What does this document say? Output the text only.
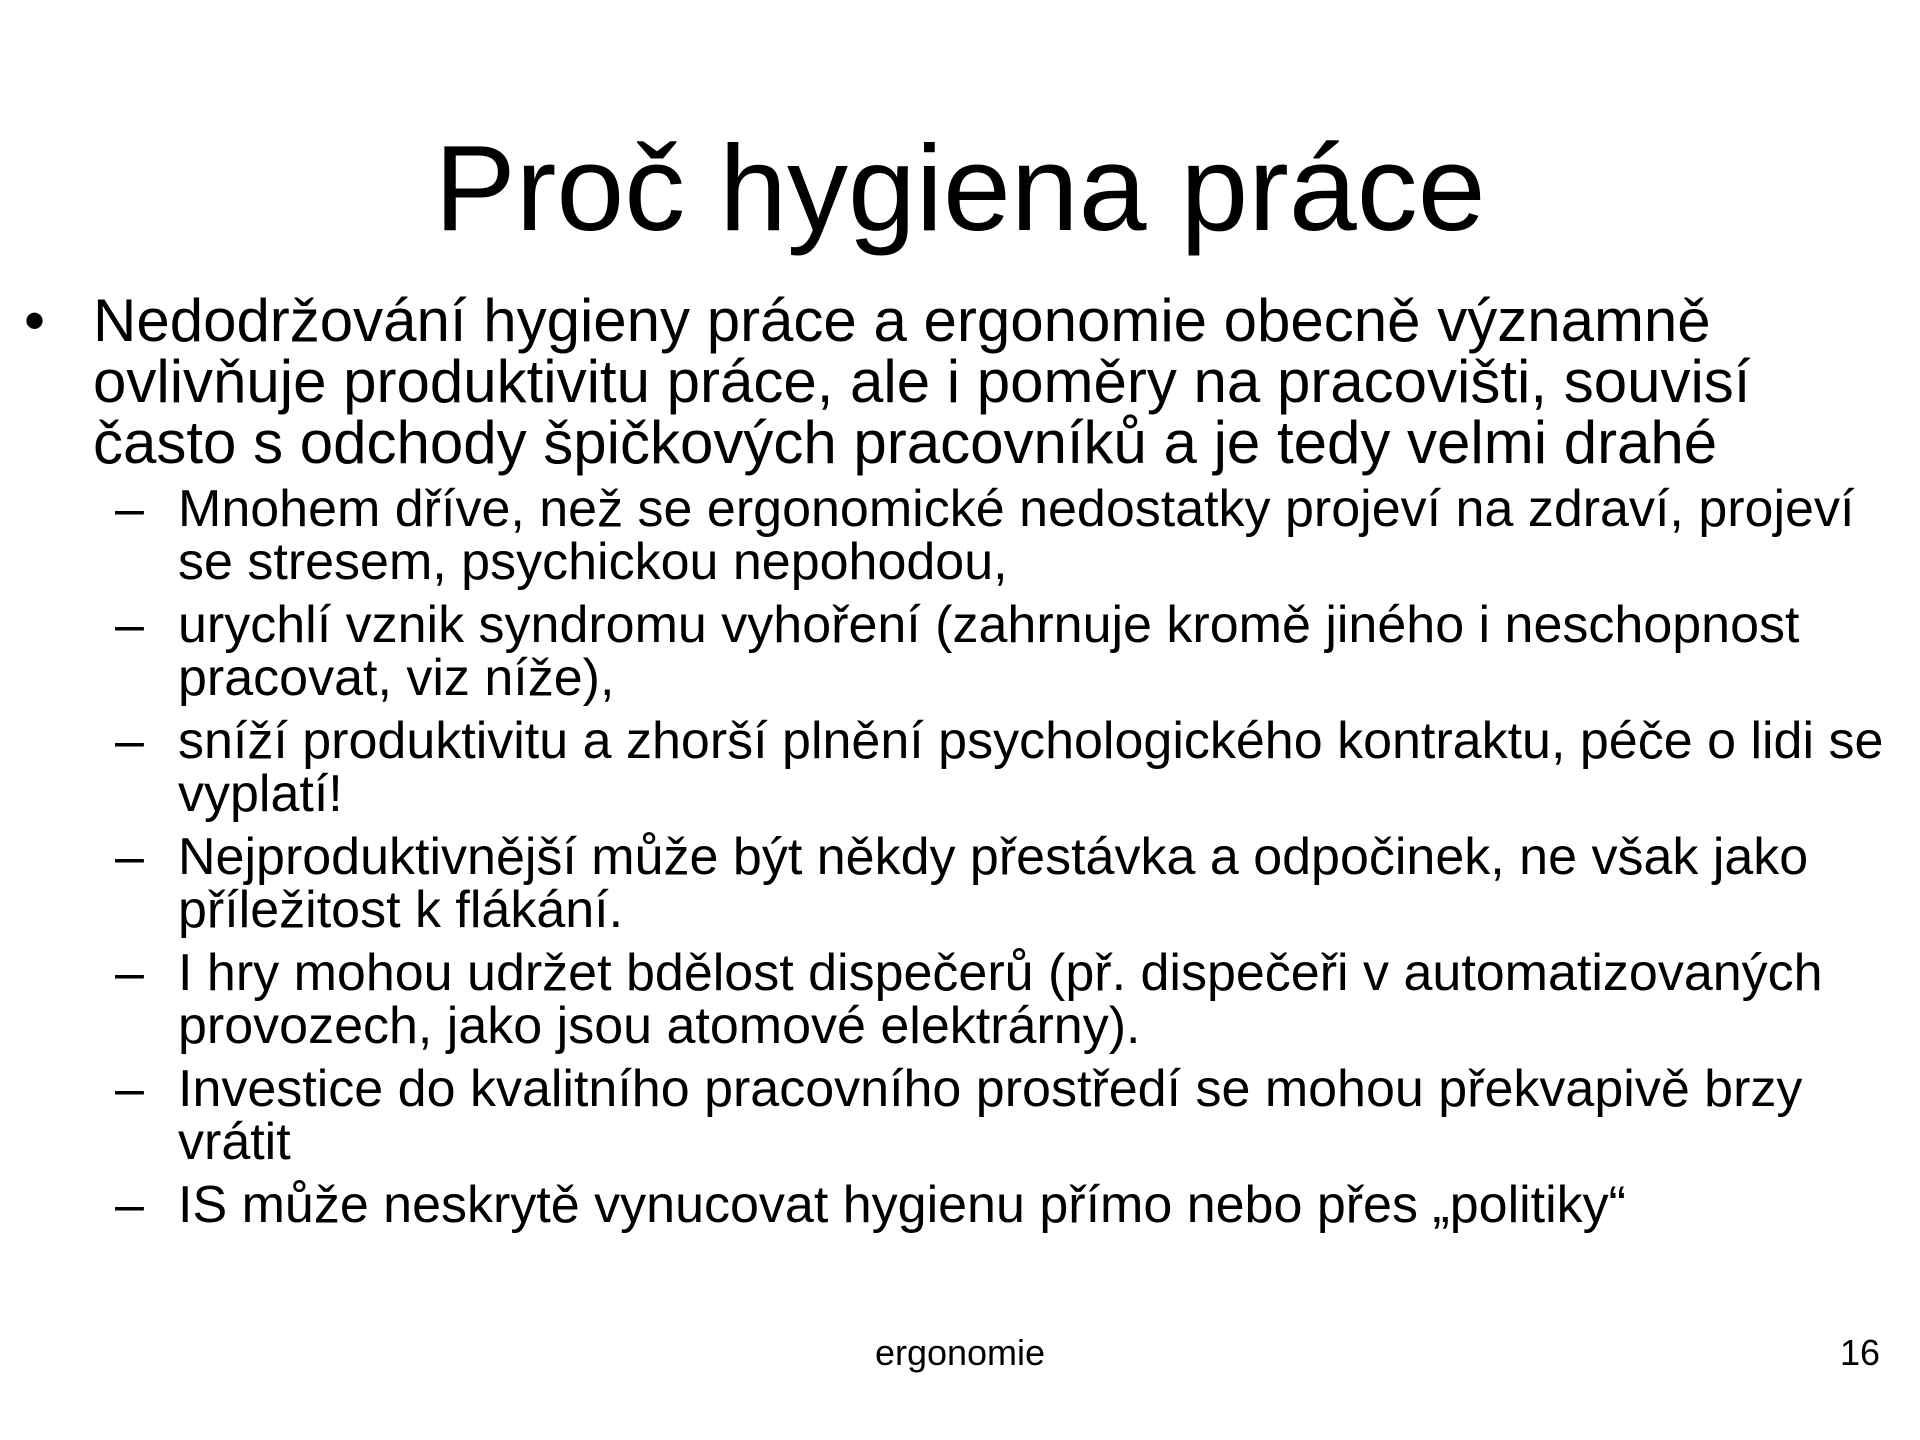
Proč hygiena práce
• Nedodržování hygieny práce a ergonomie obecně významně ovlivňuje produktivitu práce, ale i poměry na pracovišti, souvisí často s odchody špičkových pracovníků a je tedy velmi drahé
– Mnohem dříve, než se ergonomické nedostatky projeví na zdraví, projeví se stresem, psychickou nepohodou,
– urychlí vznik syndromu vyhoření (zahrnuje kromě jiného i neschopnost pracovat, viz níže),
– sníží produktivitu a zhorší plnění psychologického kontraktu, péče o lidi se vyplatí!
– Nejproduktivnější může být někdy přestávka a odpočinek, ne však jako příležitost k flákání.
– I hry mohou udržet bdělost dispečerů (př. dispečeři v automatizovaných provozech, jako jsou atomové elektrárny).
– Investice do kvalitního pracovního prostředí se mohou překvapivě brzy vrátit
– IS může neskrytě vynucovat hygienu přímo nebo přes „politiky“
ergonomie	16
